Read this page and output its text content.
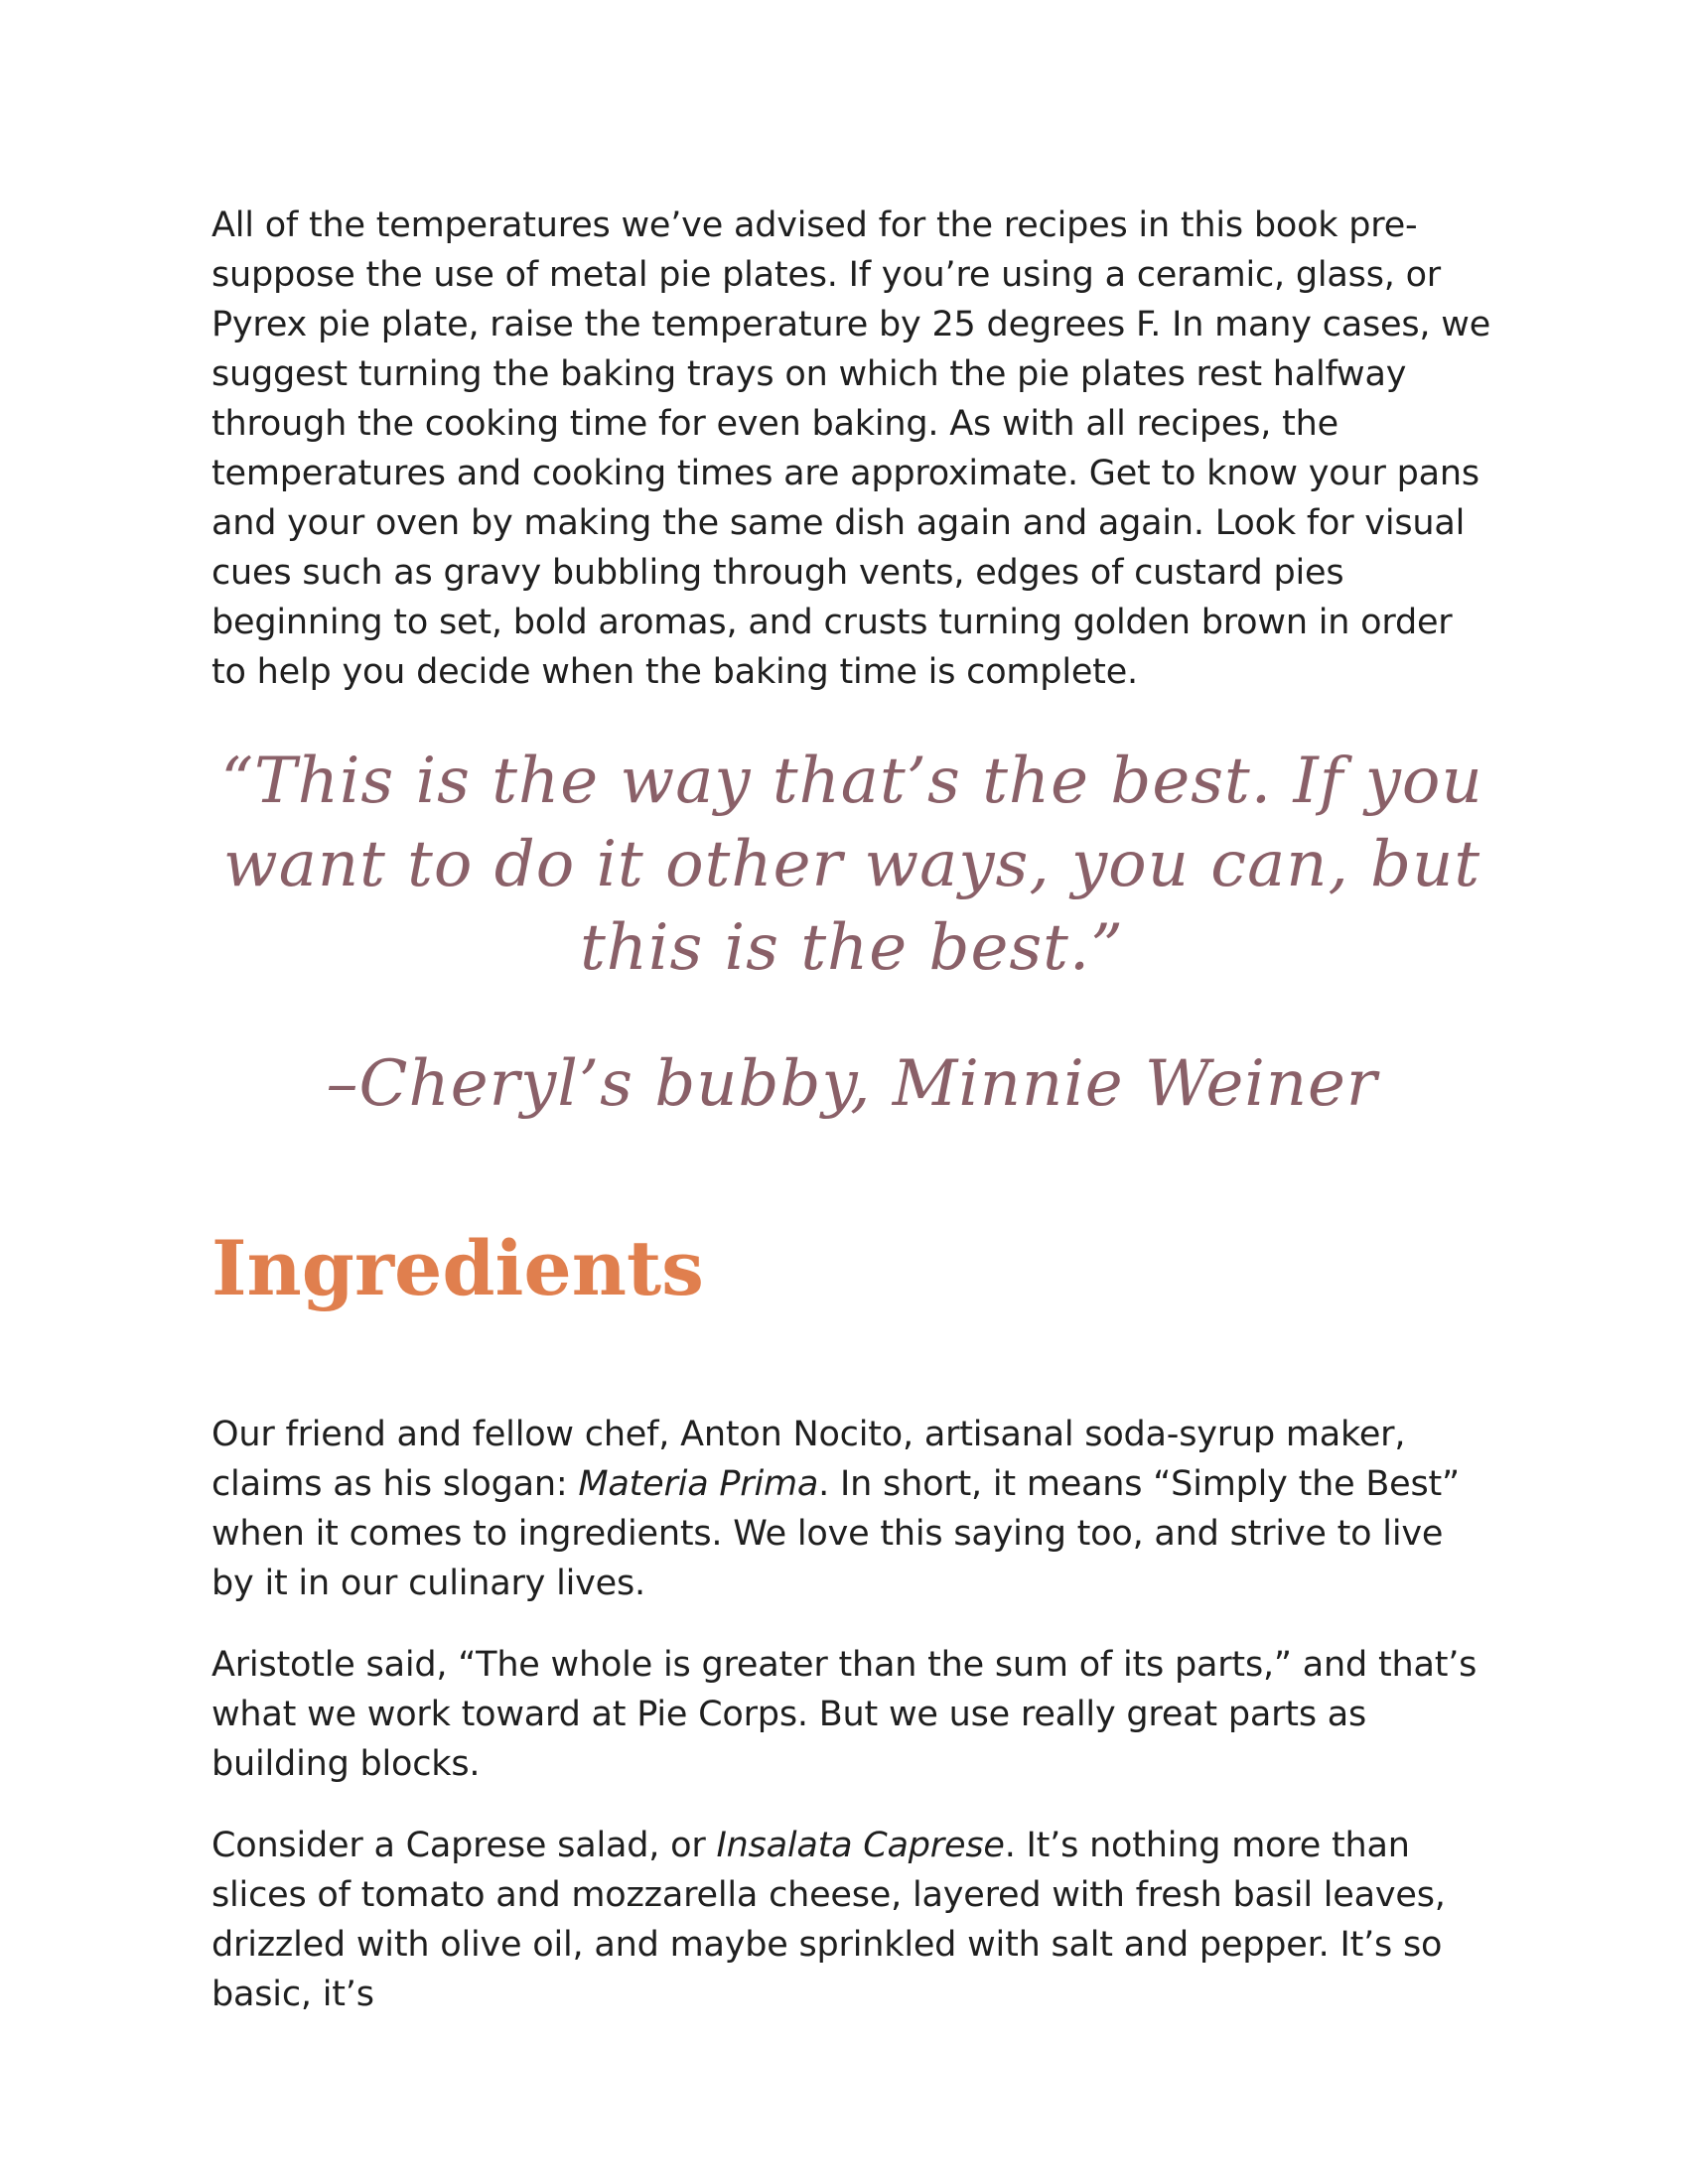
All of the temperatures we’ve advised for the recipes in this book pre-suppose the use of metal pie plates. If you’re using a ceramic, glass, or Pyrex pie plate, raise the temperature by 25 degrees F. In many cases, we suggest turning the baking trays on which the pie plates rest halfway through the cooking time for even baking. As with all recipes, the temperatures and cooking times are approximate. Get to know your pans and your oven by making the same dish again and again. Look for visual cues such as gravy bubbling through vents, edges of custard pies beginning to set, bold aromas, and crusts turning golden brown in order to help you decide when the baking time is complete.

“This is the way that’s the best. If you want to do it other ways, you can, but this is the best.”

–Cheryl’s bubby, Minnie Weiner

Ingredients

Our friend and fellow chef, Anton Nocito, artisanal soda-syrup maker, claims as his slogan: Materia Prima. In short, it means “Simply the Best” when it comes to ingredients. We love this saying too, and strive to live by it in our culinary lives.

Aristotle said, “The whole is greater than the sum of its parts,” and that’s what we work toward at Pie Corps. But we use really great parts as building blocks.

Consider a Caprese salad, or Insalata Caprese. It’s nothing more than slices of tomato and mozzarella cheese, layered with fresh basil leaves, drizzled with olive oil, and maybe sprinkled with salt and pepper. It’s so basic, it’s
